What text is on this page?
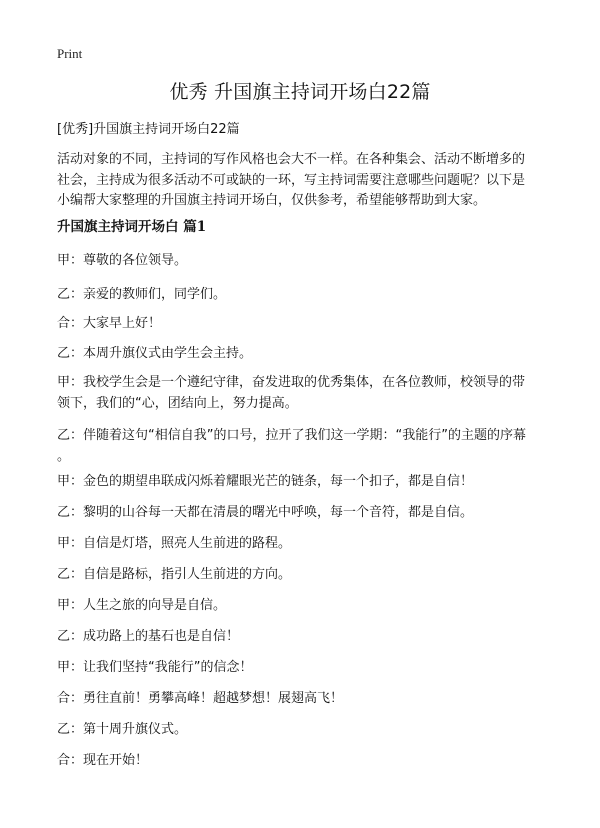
Print
优秀 升国旗主持词开场白22篇
[优秀]升国旗主持词开场白22篇

活动对象的不同，主持词的写作风格也会大不一样。在各种集会、活动不断增多的
社会，主持成为很多活动不可或缺的一环，写主持词需要注意哪些问题呢？以下是
小编帮大家整理的升国旗主持词开场白，仅供参考，希望能够帮助到大家。

升国旗主持词开场白 篇1

甲：尊敬的各位领导。

乙：亲爱的教师们，同学们。

合：大家早上好！

乙：本周升旗仪式由学生会主持。

甲：我校学生会是一个遵纪守律，奋发进取的优秀集体，在各位教师，校领导的带
领下，我们的“心，团结向上，努力提高。

乙：伴随着这句“相信自我”的口号，拉开了我们这一学期：“我能行”的主题的序幕
。

甲：金色的期望串联成闪烁着耀眼光芒的链条，每一个扣子，都是自信！

乙：黎明的山谷每一天都在清晨的曙光中呼唤，每一个音符，都是自信。

甲：自信是灯塔，照亮人生前进的路程。

乙：自信是路标，指引人生前进的方向。

甲：人生之旅的向导是自信。

乙：成功路上的基石也是自信！

甲：让我们坚持“我能行”的信念！

合：勇往直前！勇攀高峰！超越梦想！展翅高飞！

乙：第十周升旗仪式。

合：现在开始！
